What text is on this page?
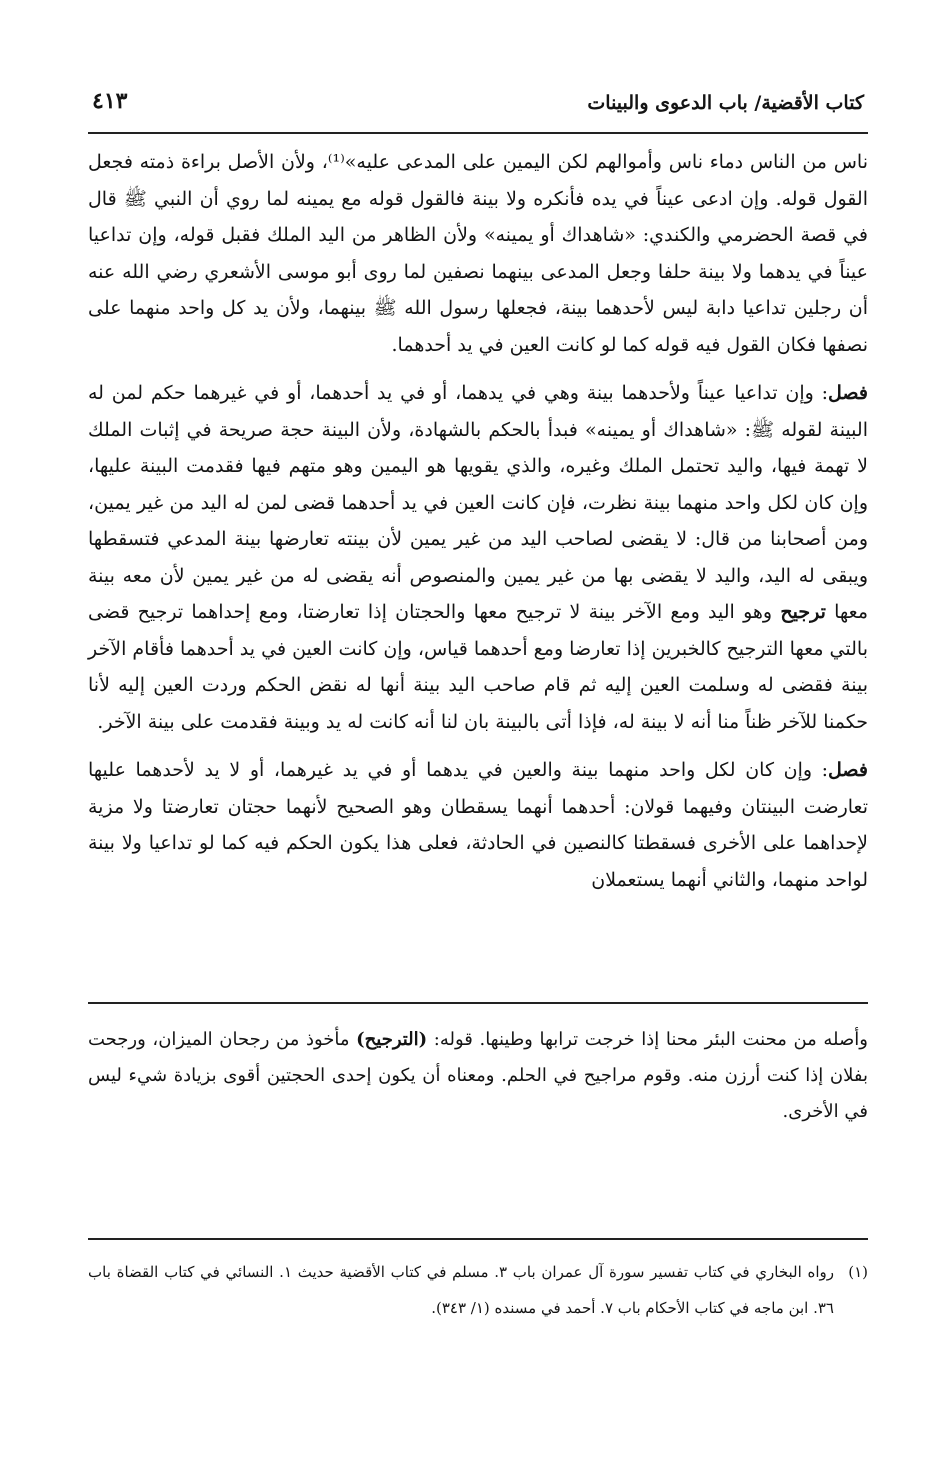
كتاب الأقضية/ باب الدعوى والبينات
٤١٣

ناس من الناس دماء ناس وأموالهم لكن اليمين على المدعى عليه»⁽¹⁾، ولأن الأصل براءة ذمته فجعل القول قوله. وإن ادعى عيناً في يده فأنكره ولا بينة فالقول قوله مع يمينه لما روي أن النبي ﷺ قال في قصة الحضرمي والكندي: «شاهداك أو يمينه» ولأن الظاهر من اليد الملك فقبل قوله، وإن تداعيا عيناً في يدهما ولا بينة حلفا وجعل المدعى بينهما نصفين لما روى أبو موسى الأشعري رضي الله عنه أن رجلين تداعيا دابة ليس لأحدهما بينة، فجعلها رسول الله ﷺ بينهما، ولأن يد كل واحد منهما على نصفها فكان القول فيه قوله كما لو كانت العين في يد أحدهما.

فصل: وإن تداعيا عيناً ولأحدهما بينة وهي في يدهما، أو في يد أحدهما، أو في غيرهما حكم لمن له البينة لقوله ﷺ: «شاهداك أو يمينه» فبدأ بالحكم بالشهادة، ولأن البينة حجة صريحة في إثبات الملك لا تهمة فيها، واليد تحتمل الملك وغيره، والذي يقويها هو اليمين وهو متهم فيها فقدمت البينة عليها، وإن كان لكل واحد منهما بينة نظرت، فإن كانت العين في يد أحدهما قضى لمن له اليد من غير يمين، ومن أصحابنا من قال: لا يقضى لصاحب اليد من غير يمين لأن بينته تعارضها بينة المدعي فتسقطها ويبقى له اليد، واليد لا يقضى بها من غير يمين والمنصوص أنه يقضى له من غير يمين لأن معه بينة معها ترجيح وهو اليد ومع الآخر بينة لا ترجيح معها والحجتان إذا تعارضتا، ومع إحداهما ترجيح قضى بالتي معها الترجيح كالخبرين إذا تعارضا ومع أحدهما قياس، وإن كانت العين في يد أحدهما فأقام الآخر بينة فقضى له وسلمت العين إليه ثم قام صاحب اليد بينة أنها له نقض الحكم وردت العين إليه لأنا حكمنا للآخر ظناً منا أنه لا بينة له، فإذا أتى بالبينة بان لنا أنه كانت له يد وبينة فقدمت على بينة الآخر.

فصل: وإن كان لكل واحد منهما بينة والعين في يدهما أو في يد غيرهما، أو لا يد لأحدهما عليها تعارضت البينتان وفيهما قولان: أحدهما أنهما يسقطان وهو الصحيح لأنهما حجتان تعارضتا ولا مزية لإحداهما على الأخرى فسقطتا كالنصين في الحادثة، فعلى هذا يكون الحكم فيه كما لو تداعيا ولا بينة لواحد منهما، والثاني أنهما يستعملان

وأصله من محنت البئر محنا إذا خرجت ترابها وطينها. قوله: (الترجيح) مأخوذ من رجحان الميزان، ورجحت بفلان إذا كنت أرزن منه. وقوم مراجيح في الحلم. ومعناه أن يكون إحدى الحجتين أقوى بزيادة شيء ليس في الأخرى.

(١)
رواه البخاري في كتاب تفسير سورة آل عمران باب ٣. مسلم في كتاب الأقضية حديث ١. النسائي في كتاب القضاة باب ٣٦. ابن ماجه في كتاب الأحكام باب ٧. أحمد في مسنده (١/ ٣٤٣).
